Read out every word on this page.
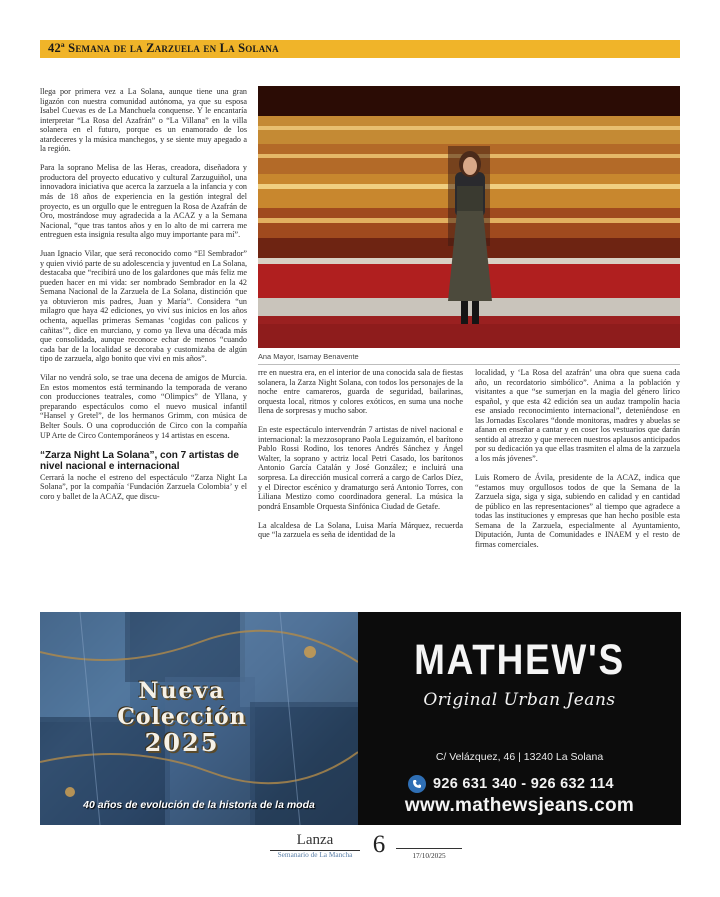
42ª Semana de la Zarzuela en La Solana

llega por primera vez a La Solana, aunque tiene una gran ligazón con nuestra comunidad autónoma, ya que su esposa Isabel Cuevas es de La Manchuela conquense. Y le encantaría interpretar “La Rosa del Azafrán” o “La Villana” en la villa solanera en el futuro, porque es un enamorado de los atardeceres y la música manchegos, y se siente muy apegado a la región.

Para la soprano Melisa de las Heras, creadora, diseñadora y productora del proyecto educativo y cultural Zarzuguiñol, una innovadora iniciativa que acerca la zarzuela a la infancia y con más de 18 años de experiencia en la gestión integral del proyecto, es un orgullo que le entreguen la Rosa de Azafrán de Oro, mostrándose muy agradecida a la ACAZ y a la Semana Nacional, “que tras tantos años y en lo alto de mi carrera me entreguen esta insignia resulta algo muy importante para mí”.

Juan Ignacio Vilar, que será reconocido como “El Sembrador” y quien vivió parte de su adolescencia y juventud en La Solana, destacaba que “recibirá uno de los galardones que más feliz me pueden hacer en mi vida: ser nombrado Sembrador en la 42 Semana Nacional de la Zarzuela de La Solana, distinción que ya obtuvieron mis padres, Juan y María”. Considera “un milagro que haya 42 ediciones, yo viví sus inicios en los años ochenta, aquellas primeras Semanas ‘cogidas con palicos y cañitas’”, dice en murciano, y como ya lleva una década más que consolidada, aunque reconoce echar de menos “cuando cada bar de la localidad se decoraba y customizaba de algún tipo de zarzuela, algo bonito que vivi en mis años”.

Vilar no vendrá solo, se trae una decena de amigos de Murcia. En estos momentos está terminando la temporada de verano con producciones teatrales, como “Olimpics” de Yllana, y preparando espectáculos como el nuevo musical infantil “Hansel y Gretel”, de los hermanos Grimm, con música de Belter Souls. O una coproducción de Circo con la compañía UP Arte de Circo Contemporáneos y 14 artistas en escena.

“Zarza Night La Solana”, con 7 artistas de nivel nacional e internacional

Cerrará la noche el estreno del espectáculo “Zarza Night La Solana”, por la compañía ‘Fundación Zarzuela Colombia’ y el coro y ballet de la ACAZ, que discu-

Ana Mayor, Isamay Benavente

rre en nuestra era, en el interior de una conocida sala de fiestas solanera, la Zarza Night Solana, con todos los personajes de la noche entre camareros, guarda de seguridad, bailarinas, orquesta local, ritmos y colores exóticos, en suma una noche llena de sorpresas y mucho sabor.

En este espectáculo intervendrán 7 artistas de nivel nacional e internacional: la mezzosoprano Paola Leguizamón, el barítono Pablo Rossi Rodino, los tenores Andrés Sánchez y Ángel Walter, la soprano y actriz local Petri Casado, los barítonos Antonio García Catalán y José González; e incluirá una sorpresa. La dirección musical correrá a cargo de Carlos Díez, y el Director escénico y dramaturgo será Antonio Torres, con Liliana Mestizo como coordinadora general. La música la pondrá Ensamble Orquesta Sinfónica Ciudad de Getafe.

La alcaldesa de La Solana, Luisa María Márquez, recuerda que “la zarzuela es seña de identidad de la

localidad, y ‘La Rosa del azafrán’ una obra que suena cada año, un recordatorio simbólico”. Anima a la población y visitantes a que “se sumerjan en la magia del género lírico español, y que esta 42 edición sea un audaz trampolín hacia ese ansiado reconocimiento internacional”, deteniéndose en las Jornadas Escolares “donde monitoras, madres y abuelas se afanan en enseñar a cantar y en coser los vestuarios que darán sentido al atrezzo y que merecen nuestros aplausos anticipados por su dedicación ya que ellas trasmiten el alma de la zarzuela a los más jóvenes”.

Luis Romero de Ávila, presidente de la ACAZ, indica que “estamos muy orgullosos todos de que la Semana de la Zarzuela siga, siga y siga, subiendo en calidad y en cantidad de público en las representaciones” al tiempo que agradece a todas las instituciones y empresas que han hecho posible esta Semana de la Zarzuela, especialmente al Ayuntamiento, Diputación, Junta de Comunidades e INAEM y el resto de firmas comerciales.

Nueva
Colección
2025
40 años de evolución de la historia de la moda
MATHEW'S
Original Urban Jeans
C/ Velázquez, 46 | 13240 La Solana
926 631 340 - 926 632 114
www.mathewsjeans.com
Lanza
Semanario de La Mancha 6	17/10/2025
